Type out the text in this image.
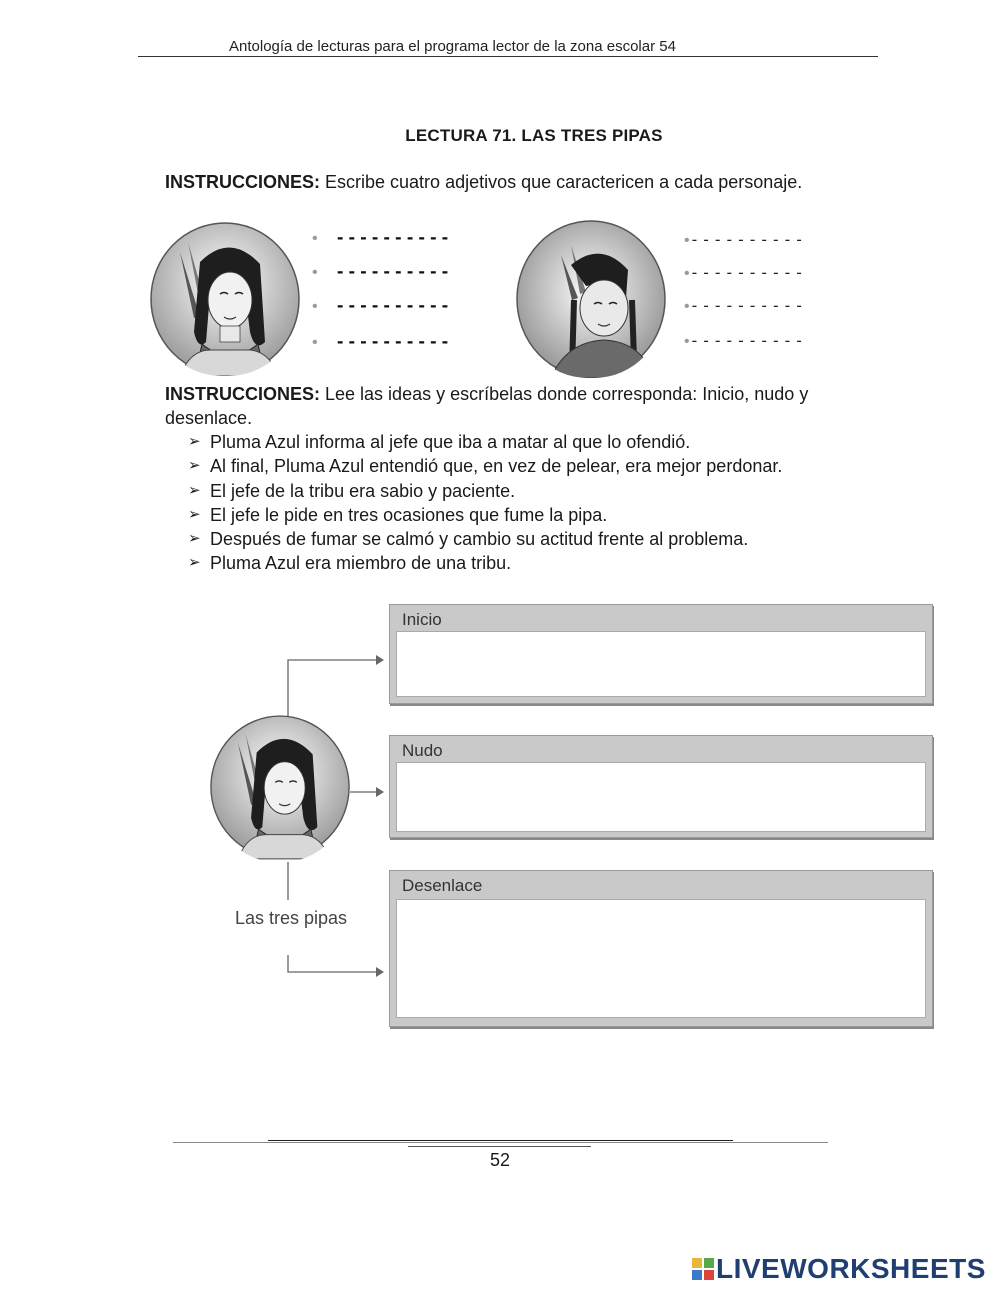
Antología de lecturas para el programa lector de la zona escolar 54
LECTURA 71. LAS TRES PIPAS
INSTRUCCIONES: Escribe cuatro adjetivos que caractericen a cada personaje.
• ----------
• ----------
• ----------
• ----------
•----------
•----------
•----------
•----------
INSTRUCCIONES: Lee las ideas y escríbelas donde corresponda: Inicio, nudo y desenlace.
➢ Pluma Azul informa al jefe que iba a matar al que lo ofendió.
➢ Al final, Pluma Azul entendió que, en vez de pelear, era mejor perdonar.
➢ El jefe de la tribu era sabio y paciente.
➢ El jefe le pide en tres ocasiones que fume la pipa.
➢ Después de fumar se calmó y cambio su actitud frente al problema.
➢ Pluma Azul era miembro de una tribu.
Las tres pipas
Inicio
Nudo
Desenlace
52
LIVEWORKSHEETS
